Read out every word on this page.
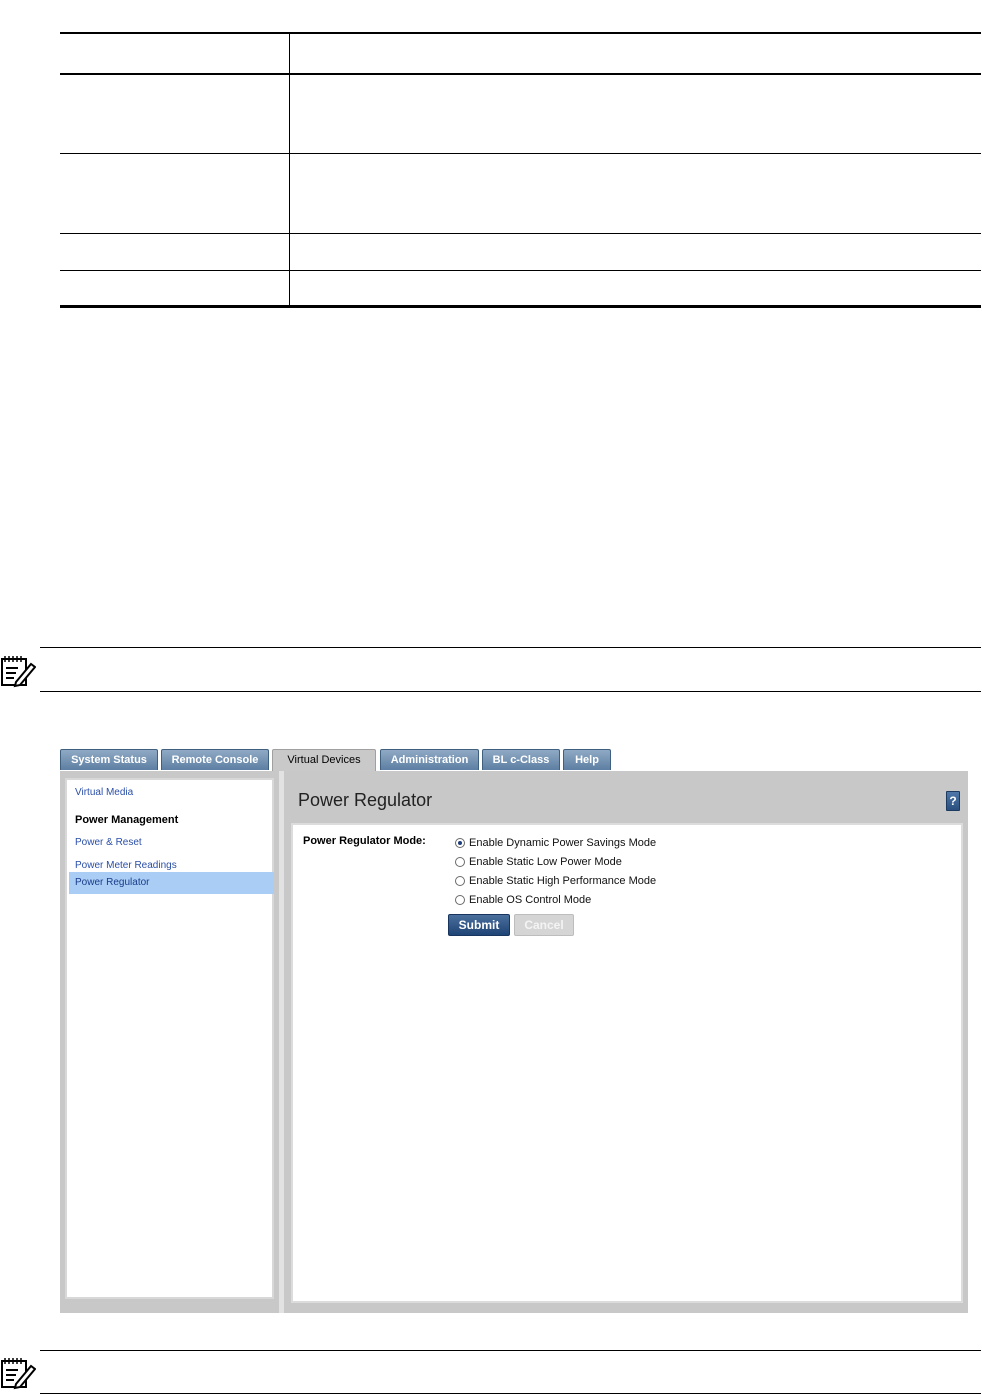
System Status	Remote Console	Virtual Devices	Administration	BL c-Class	Help
Virtual Media
Power Management
Power & Reset
Power Meter Readings
Power Regulator
Power Regulator	?
Power Regulator Mode:	Enable Dynamic Power Savings Mode
Enable Static Low Power Mode
Enable Static High Performance Mode
Enable OS Control Mode
Submit	Cancel
